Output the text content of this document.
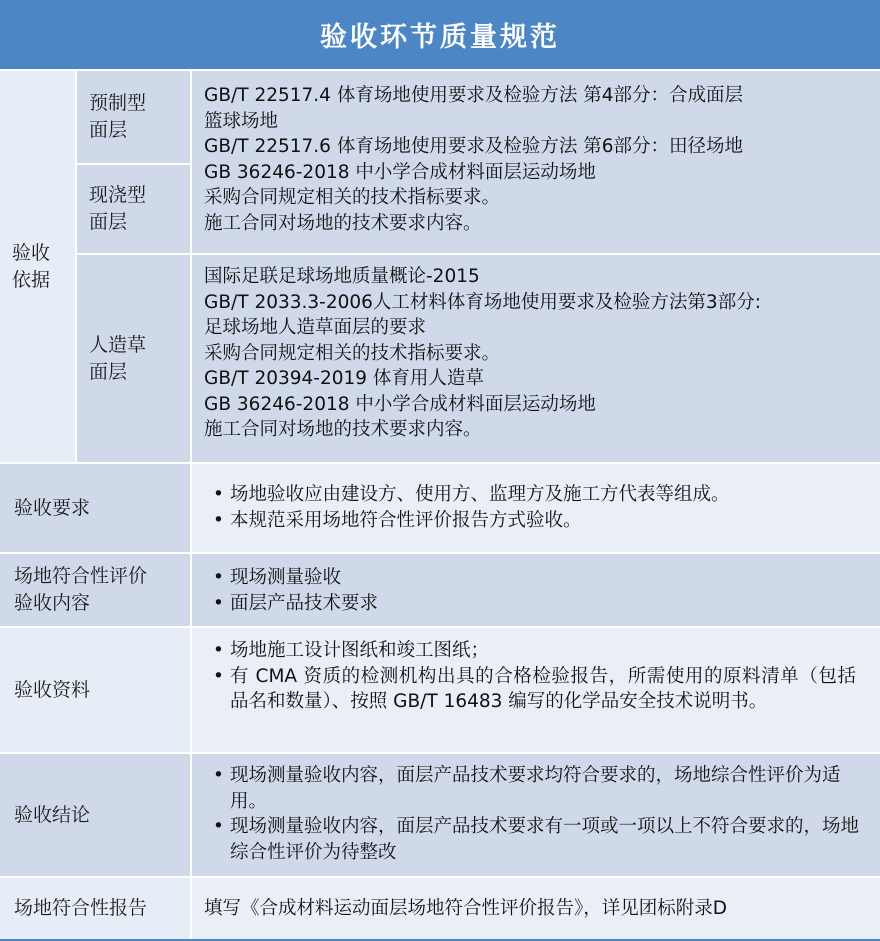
验收环节质量规范
验收
依据
预制型
面层
现浇型
面层
人造草
面层
GB/T 22517.4 体育场地使用要求及检验方法 第4部分：合成面层
篮球场地
GB/T 22517.6 体育场地使用要求及检验方法 第6部分：田径场地
GB 36246-2018 中小学合成材料面层运动场地
采购合同规定相关的技术指标要求。
施工合同对场地的技术要求内容。
国际足联足球场地质量概论-2015
GB/T 2033.3-2006人工材料体育场地使用要求及检验方法第3部分:
足球场地人造草面层的要求
采购合同规定相关的技术指标要求。
GB/T 20394-2019 体育用人造草
GB 36246-2018 中小学合成材料面层运动场地
施工合同对场地的技术要求内容。
验收要求
• 场地验收应由建设方、使用方、监理方及施工方代表等组成。
• 本规范采用场地符合性评价报告方式验收。
场地符合性评价
验收内容
• 现场测量验收
• 面层产品技术要求
验收资料
• 场地施工设计图纸和竣工图纸；
• 有 CMA 资质的检测机构出具的合格检验报告，所需使用的原料清单（包括品名和数量）、按照 GB/T 16483 编写的化学品安全技术说明书。
验收结论
• 现场测量验收内容，面层产品技术要求均符合要求的，场地综合性评价为适用。
• 现场测量验收内容，面层产品技术要求有一项或一项以上不符合要求的，场地综合性评价为待整改
场地符合性报告	填写《合成材料运动面层场地符合性评价报告》，详见团标附录D
